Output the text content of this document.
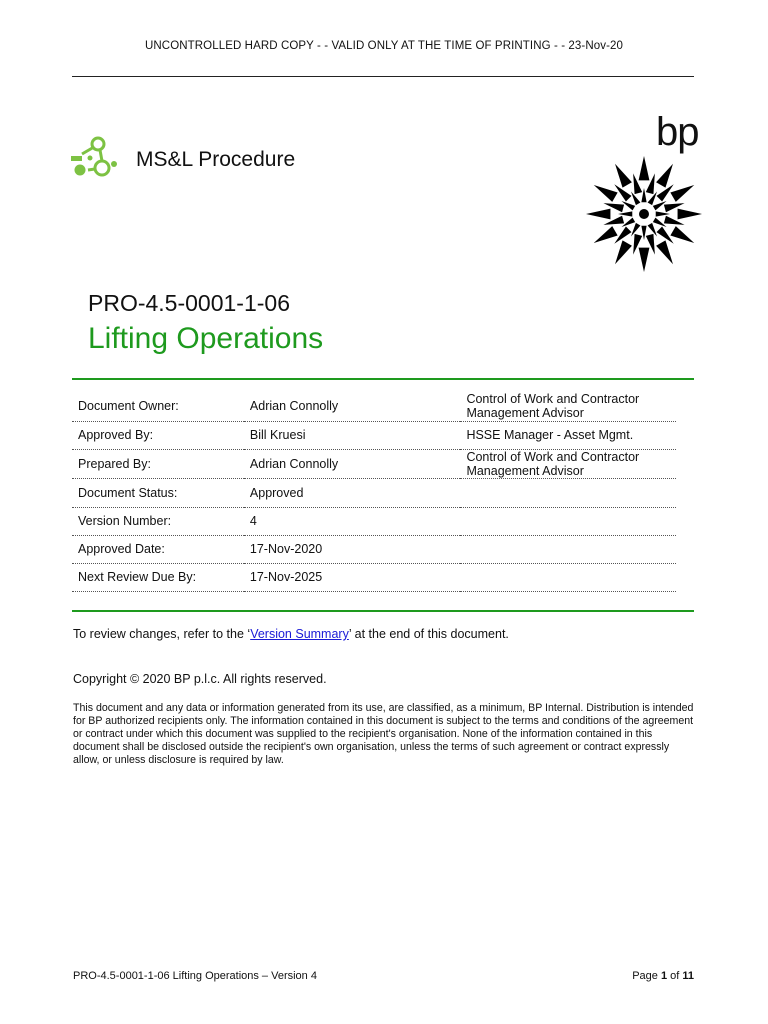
UNCONTROLLED HARD COPY - - VALID ONLY AT THE TIME OF PRINTING - - 23-Nov-20
MS&L Procedure
bp
PRO-4.5-0001-1-06
Lifting Operations
Document Owner:	Adrian Connolly	Control of Work and Contractor Management Advisor
Approved By:	Bill Kruesi	HSSE Manager - Asset Mgmt.
Prepared By:	Adrian Connolly	Control of Work and Contractor Management Advisor
Document Status:	Approved	
Version Number:	4	
Approved Date:	17-Nov-2020	
Next Review Due By:	17-Nov-2025	
To review changes, refer to the ‘Version Summary’ at the end of this document.
Copyright © 2020 BP p.l.c. All rights reserved.
This document and any data or information generated from its use, are classified, as a minimum, BP Internal. Distribution is intended for BP authorized recipients only. The information contained in this document is subject to the terms and conditions of the agreement or contract under which this document was supplied to the recipient's organisation. None of the information contained in this document shall be disclosed outside the recipient's own organisation, unless the terms of such agreement or contract expressly allow, or unless disclosure is required by law.
PRO-4.5-0001-1-06 Lifting Operations – Version 4	Page 1 of 11
